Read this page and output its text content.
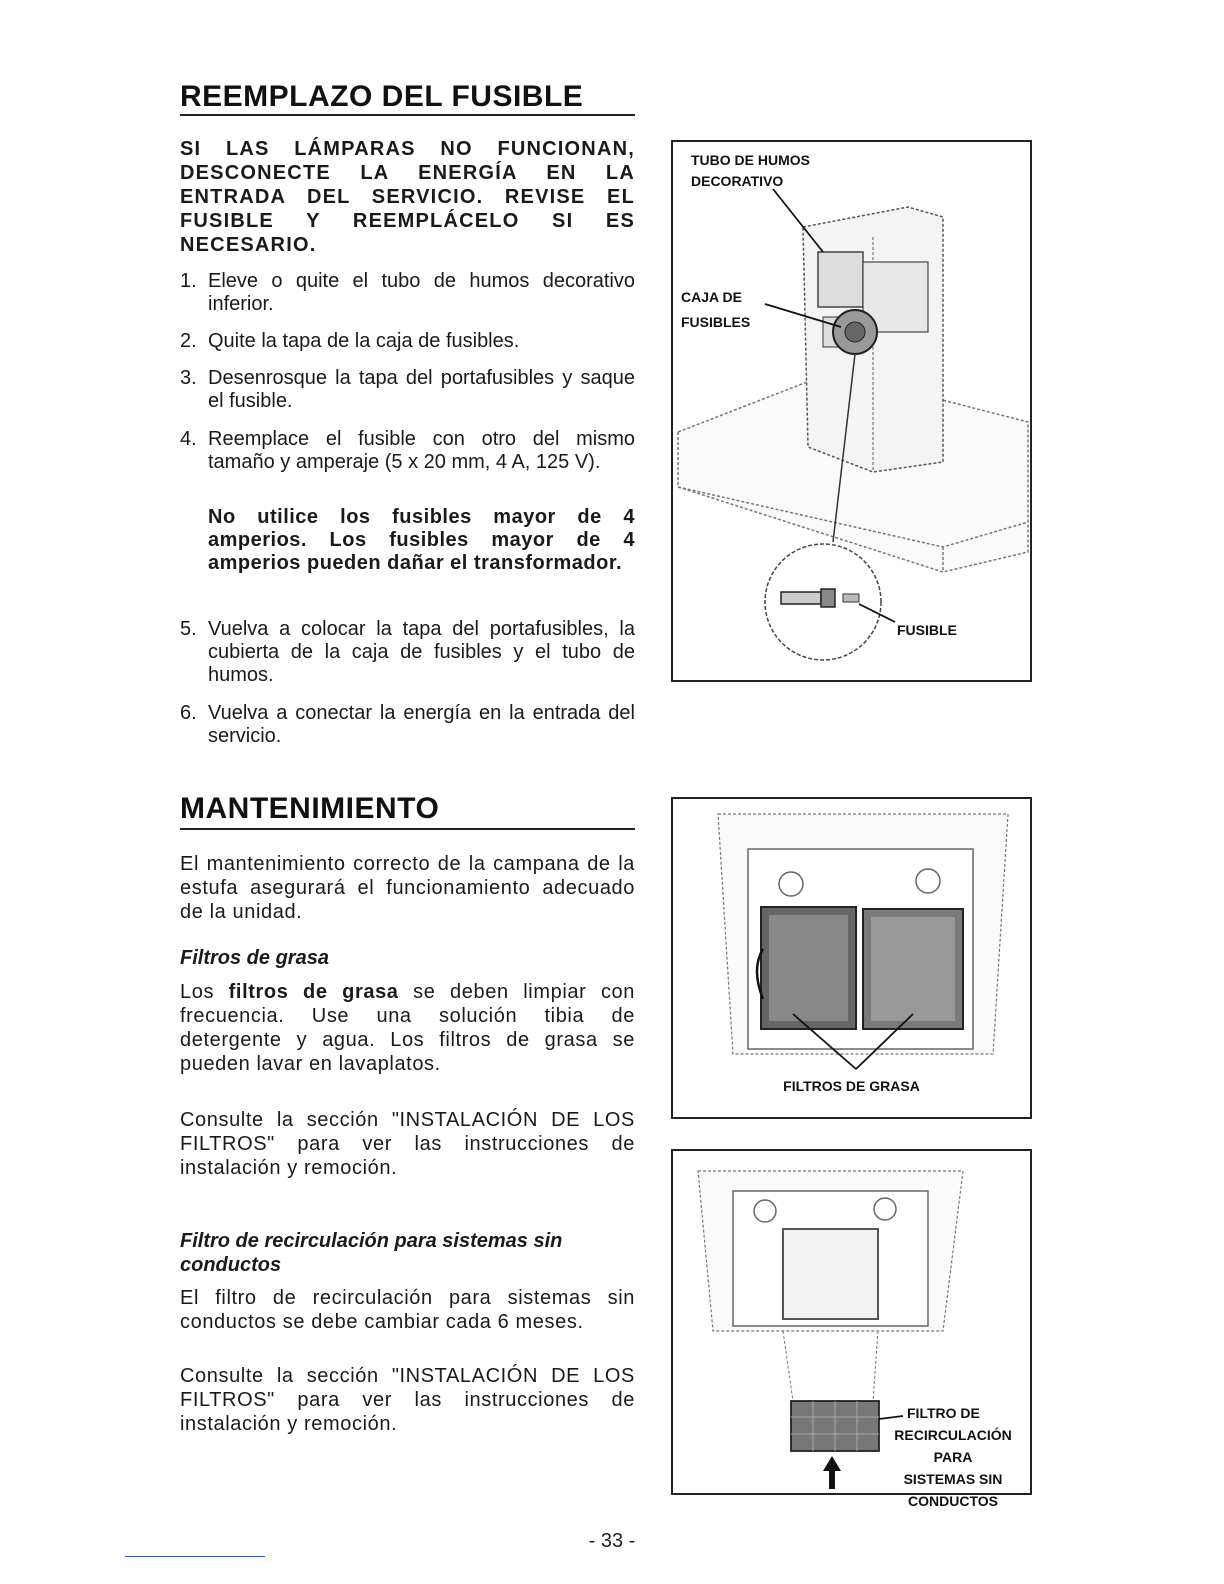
REEMPLAZO DEL FUSIBLE
SI LAS LÁMPARAS NO FUNCIONAN, DESCONECTE LA ENERGÍA EN LA ENTRADA DEL SERVICIO. REVISE EL FUSIBLE Y REEMPLÁCELO SI ES NECESARIO.
1. Eleve o quite el tubo de humos decorativo inferior.
2. Quite la tapa de la caja de fusibles.
3. Desenrosque la tapa del portafusibles y saque el fusible.
4. Reemplace el fusible con otro del mismo tamaño y amperaje (5 x 20 mm, 4 A, 125 V).
No utilice los fusibles mayor de 4 amperios. Los fusibles mayor de 4 amperios pueden dañar el transformador.
5. Vuelva a colocar la tapa del portafusibles, la cubierta de la caja de fusibles y el tubo de humos.
6. Vuelva a conectar la energía en la entrada del servicio.
TUBO DE HUMOS
DECORATIVO
CAJA DE
FUSIBLES
FUSIBLE
MANTENIMIENTO
El mantenimiento correcto de la campana de la estufa asegurará el funcionamiento adecuado de la unidad.
Filtros de grasa
Los filtros de grasa se deben limpiar con frecuencia. Use una solución tibia de detergente y agua. Los filtros de grasa se pueden lavar en lavaplatos.
Consulte la sección "INSTALACIÓN DE LOS FILTROS" para ver las instrucciones de instalación y remoción.
Filtro de recirculación para sistemas sin conductos
El filtro de recirculación para sistemas sin conductos se debe cambiar cada 6 meses.
Consulte la sección "INSTALACIÓN DE LOS FILTROS" para ver las instrucciones de instalación y remoción.
FILTROS DE GRASA
FILTRO DE
RECIRCULACIÓN
PARA
SISTEMAS SIN
CONDUCTOS
- 33 -
